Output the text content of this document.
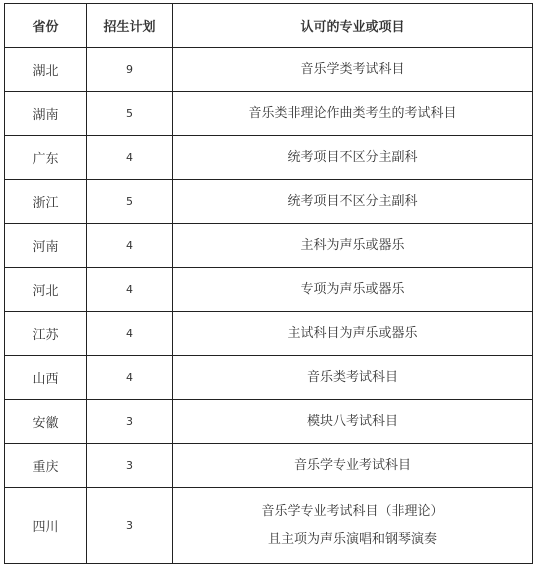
省份	招生计划	认可的专业或项目
湖北	9	音乐学类考试科目

湖南	5	音乐类非理论作曲类考生的考试科目

广东	4	统考项目不区分主副科

浙江	5	统考项目不区分主副科

河南	4	主科为声乐或器乐

河北	4	专项为声乐或器乐

江苏	4	主试科目为声乐或器乐

山西	4	音乐类考试科目

安徽	3	模块八考试科目

重庆	3	音乐学专业考试科目

四川	3	音乐学专业考试科目（非理论）
且主项为声乐演唱和钢琴演奏
